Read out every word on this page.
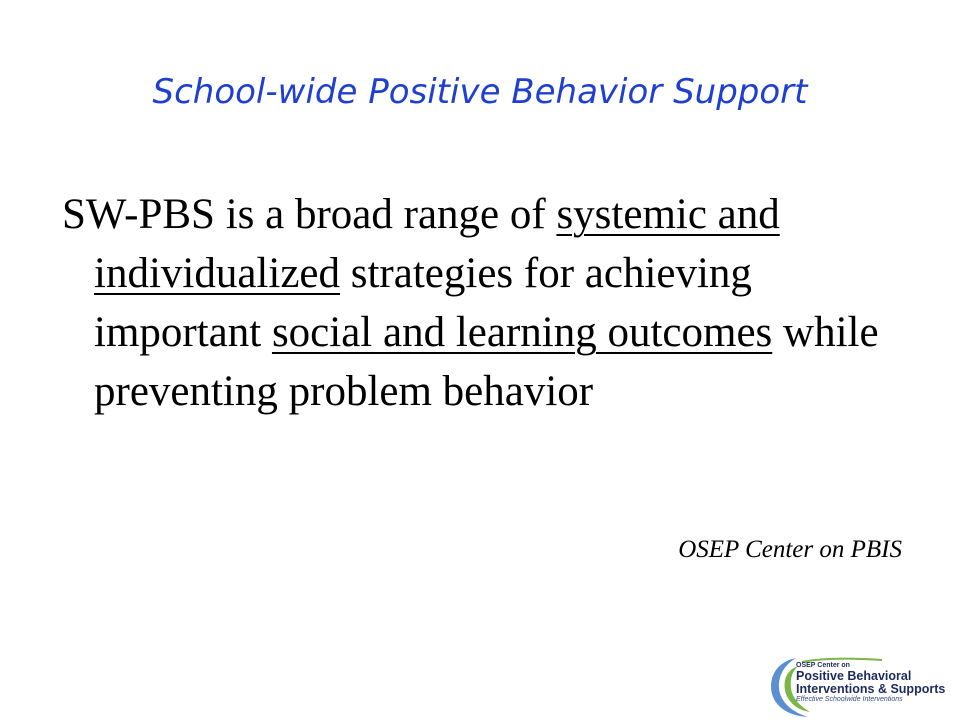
School-wide Positive Behavior Support

SW-PBS is a broad range of systemic and individualized strategies for achieving important social and learning outcomes while preventing problem behavior

OSEP Center on PBIS

OSEP Center on
Positive Behavioral
Interventions & Supports
Effective Schoolwide Interventions
